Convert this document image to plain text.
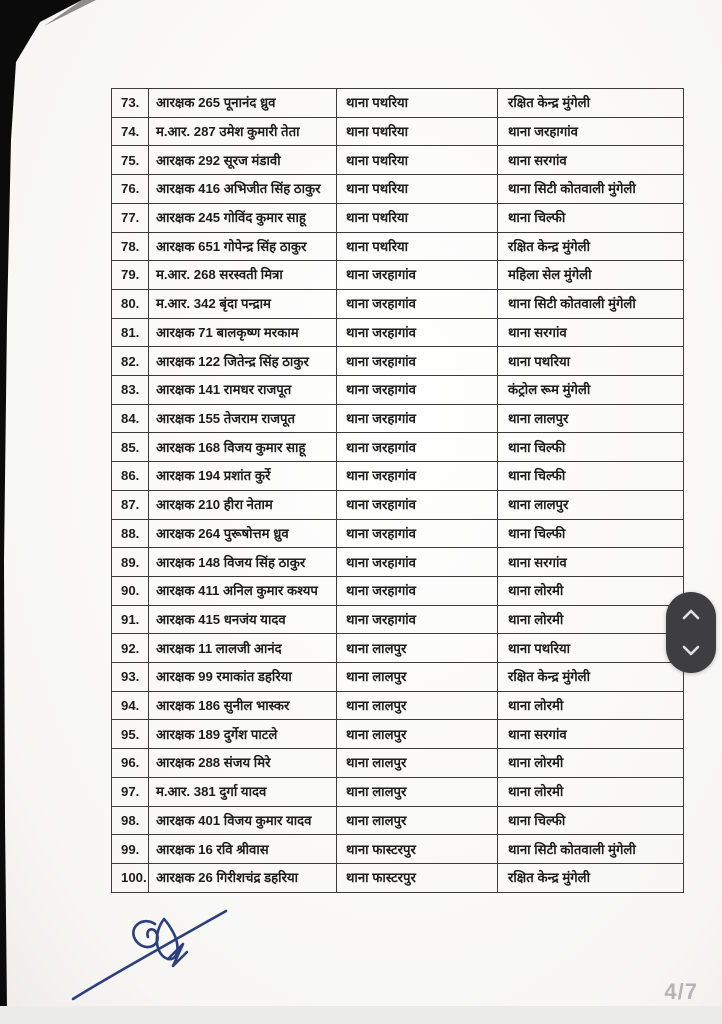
73.	आरक्षक 265 पूनानंद ध्रुव	थाना पथरिया	रक्षित केन्द्र मुंगेली
74.	म.आर. 287 उमेश कुमारी तेता	थाना पथरिया	थाना जरहागांव
75.	आरक्षक 292 सूरज मंडावी	थाना पथरिया	थाना सरगांव
76.	आरक्षक 416 अभिजीत सिंह ठाकुर	थाना पथरिया	थाना सिटी कोतवाली मुंगेली
77.	आरक्षक 245 गोविंद कुमार साहू	थाना पथरिया	थाना चिल्फी
78.	आरक्षक 651 गोपेन्द्र सिंह ठाकुर	थाना पथरिया	रक्षित केन्द्र मुंगेली
79.	म.आर. 268 सरस्वती मित्रा	थाना जरहागांव	महिला सेल मुंगेली
80.	म.आर. 342 बृंदा पन्द्राम	थाना जरहागांव	थाना सिटी कोतवाली मुंगेली
81.	आरक्षक 71 बालकृष्ण मरकाम	थाना जरहागांव	थाना सरगांव
82.	आरक्षक 122 जितेन्द्र सिंह ठाकुर	थाना जरहागांव	थाना पथरिया
83.	आरक्षक 141 रामधर राजपूत	थाना जरहागांव	कंट्रोल रूम मुंगेली
84.	आरक्षक 155 तेजराम राजपूत	थाना जरहागांव	थाना लालपुर
85.	आरक्षक 168 विजय कुमार साहू	थाना जरहागांव	थाना चिल्फी
86.	आरक्षक 194 प्रशांत कुर्रे	थाना जरहागांव	थाना चिल्फी
87.	आरक्षक 210 हीरा नेताम	थाना जरहागांव	थाना लालपुर
88.	आरक्षक 264 पुरूषोत्तम ध्रुव	थाना जरहागांव	थाना चिल्फी
89.	आरक्षक 148 विजय सिंह ठाकुर	थाना जरहागांव	थाना सरगांव
90.	आरक्षक 411 अनिल कुमार कश्यप	थाना जरहागांव	थाना लोरमी
91.	आरक्षक 415 धनजंय यादव	थाना जरहागांव	थाना लोरमी
92.	आरक्षक 11 लालजी आनंद	थाना लालपुर	थाना पथरिया
93.	आरक्षक 99 रमाकांत डहरिया	थाना लालपुर	रक्षित केन्द्र मुंगेली
94.	आरक्षक 186 सुनील भास्कर	थाना लालपुर	थाना लोरमी
95.	आरक्षक 189 दुर्गेश पाटले	थाना लालपुर	थाना सरगांव
96.	आरक्षक 288 संजय मिरे	थाना लालपुर	थाना लोरमी
97.	म.आर. 381 दुर्गा यादव	थाना लालपुर	थाना लोरमी
98.	आरक्षक 401 विजय कुमार यादव	थाना लालपुर	थाना चिल्फी
99.	आरक्षक 16 रवि श्रीवास	थाना फास्टरपुर	थाना सिटी कोतवाली मुंगेली
100.	आरक्षक 26 गिरीशचंद्र डहरिया	थाना फास्टरपुर	रक्षित केन्द्र मुंगेली
4/7
